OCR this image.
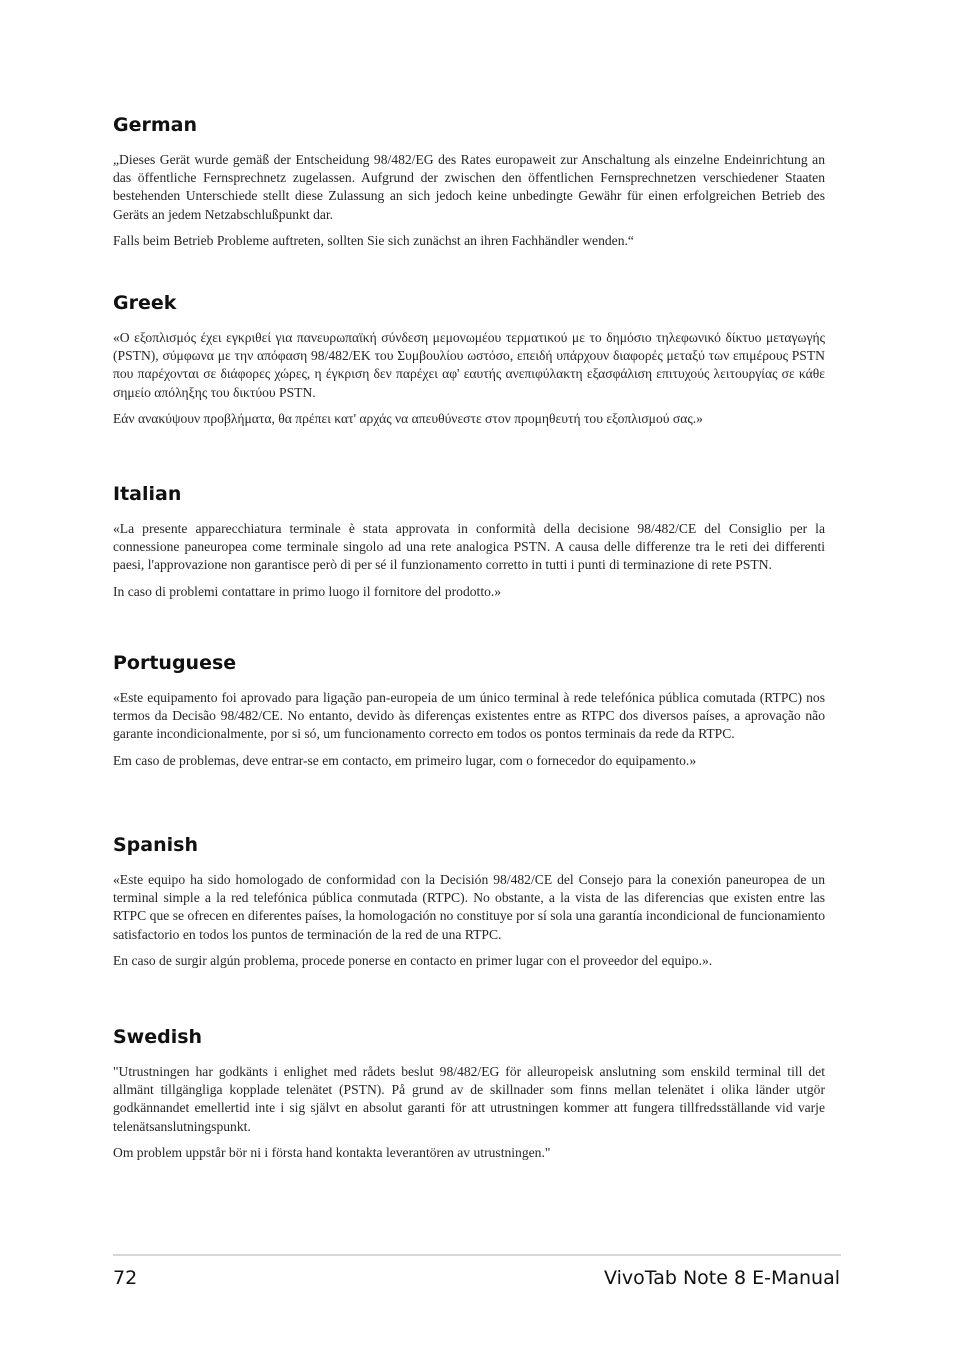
German

„Dieses Gerät wurde gemäß der Entscheidung 98/482/EG des Rates europaweit zur Anschaltung als einzelne Endeinrichtung an das öffentliche Fernsprechnetz zugelassen. Aufgrund der zwischen den öffentlichen Fernsprechnetzen verschiedener Staaten bestehenden Unterschiede stellt diese Zulassung an sich jedoch keine unbedingte Gewähr für einen erfolgreichen Betrieb des Geräts an jedem Netzabschlußpunkt dar.

Falls beim Betrieb Probleme auftreten, sollten Sie sich zunächst an ihren Fachhändler wenden.“

Greek

«Ο εξοπλισμός έχει εγκριθεί για πανευρωπαϊκή σύνδεση μεμονωμέου τερματικού με το δημόσιο τηλεφωνικό δίκτυο μεταγωγής (PSTN), σύμφωνα με την απόφαση 98/482/ΕΚ του Συμβουλίου ωστόσο, επειδή υπάρχουν διαφορές μεταξύ των επιμέρους PSTN που παρέχονται σε διάφορες χώρες, η έγκριση δεν παρέχει αφ' εαυτής ανεπιφύλακτη εξασφάλιση επιτυχούς λειτουργίας σε κάθε σημείο απόληξης του δικτύου PSTN.

Εάν ανακύψουν προβλήματα, θα πρέπει κατ' αρχάς να απευθύνεστε στον προμηθευτή του εξοπλισμού σας.»

Italian

«La presente apparecchiatura terminale è stata approvata in conformità della decisione 98/482/CE del Consiglio per la connessione paneuropea come terminale singolo ad una rete analogica PSTN. A causa delle differenze tra le reti dei differenti paesi, l'approvazione non garantisce però di per sé il funzionamento corretto in tutti i punti di terminazione di rete PSTN.

In caso di problemi contattare in primo luogo il fornitore del prodotto.»

Portuguese

«Este equipamento foi aprovado para ligação pan-europeia de um único terminal à rede telefónica pública comutada (RTPC) nos termos da Decisão 98/482/CE. No entanto, devido às diferenças existentes entre as RTPC dos diversos países, a aprovação não garante incondicionalmente, por si só, um funcionamento correcto em todos os pontos terminais da rede da RTPC.

Em caso de problemas, deve entrar-se em contacto, em primeiro lugar, com o fornecedor do equipamento.»

Spanish

«Este equipo ha sido homologado de conformidad con la Decisión 98/482/CE del Consejo para la conexión paneuropea de un terminal simple a la red telefónica pública conmutada (RTPC). No obstante, a la vista de las diferencias que existen entre las RTPC que se ofrecen en diferentes países, la homologación no constituye por sí sola una garantía incondicional de funcionamiento satisfactorio en todos los puntos de terminación de la red de una RTPC.

En caso de surgir algún problema, procede ponerse en contacto en primer lugar con el proveedor del equipo.».

Swedish

"Utrustningen har godkänts i enlighet med rådets beslut 98/482/EG för alleuropeisk anslutning som enskild terminal till det allmänt tillgängliga kopplade telenätet (PSTN). På grund av de skillnader som finns mellan telenätet i olika länder utgör godkännandet emellertid inte i sig självt en absolut garanti för att utrustningen kommer att fungera tillfredsställande vid varje telenätsanslutningspunkt.

Om problem uppstår bör ni i första hand kontakta leverantören av utrustningen."

72	VivoTab Note 8 E-Manual
